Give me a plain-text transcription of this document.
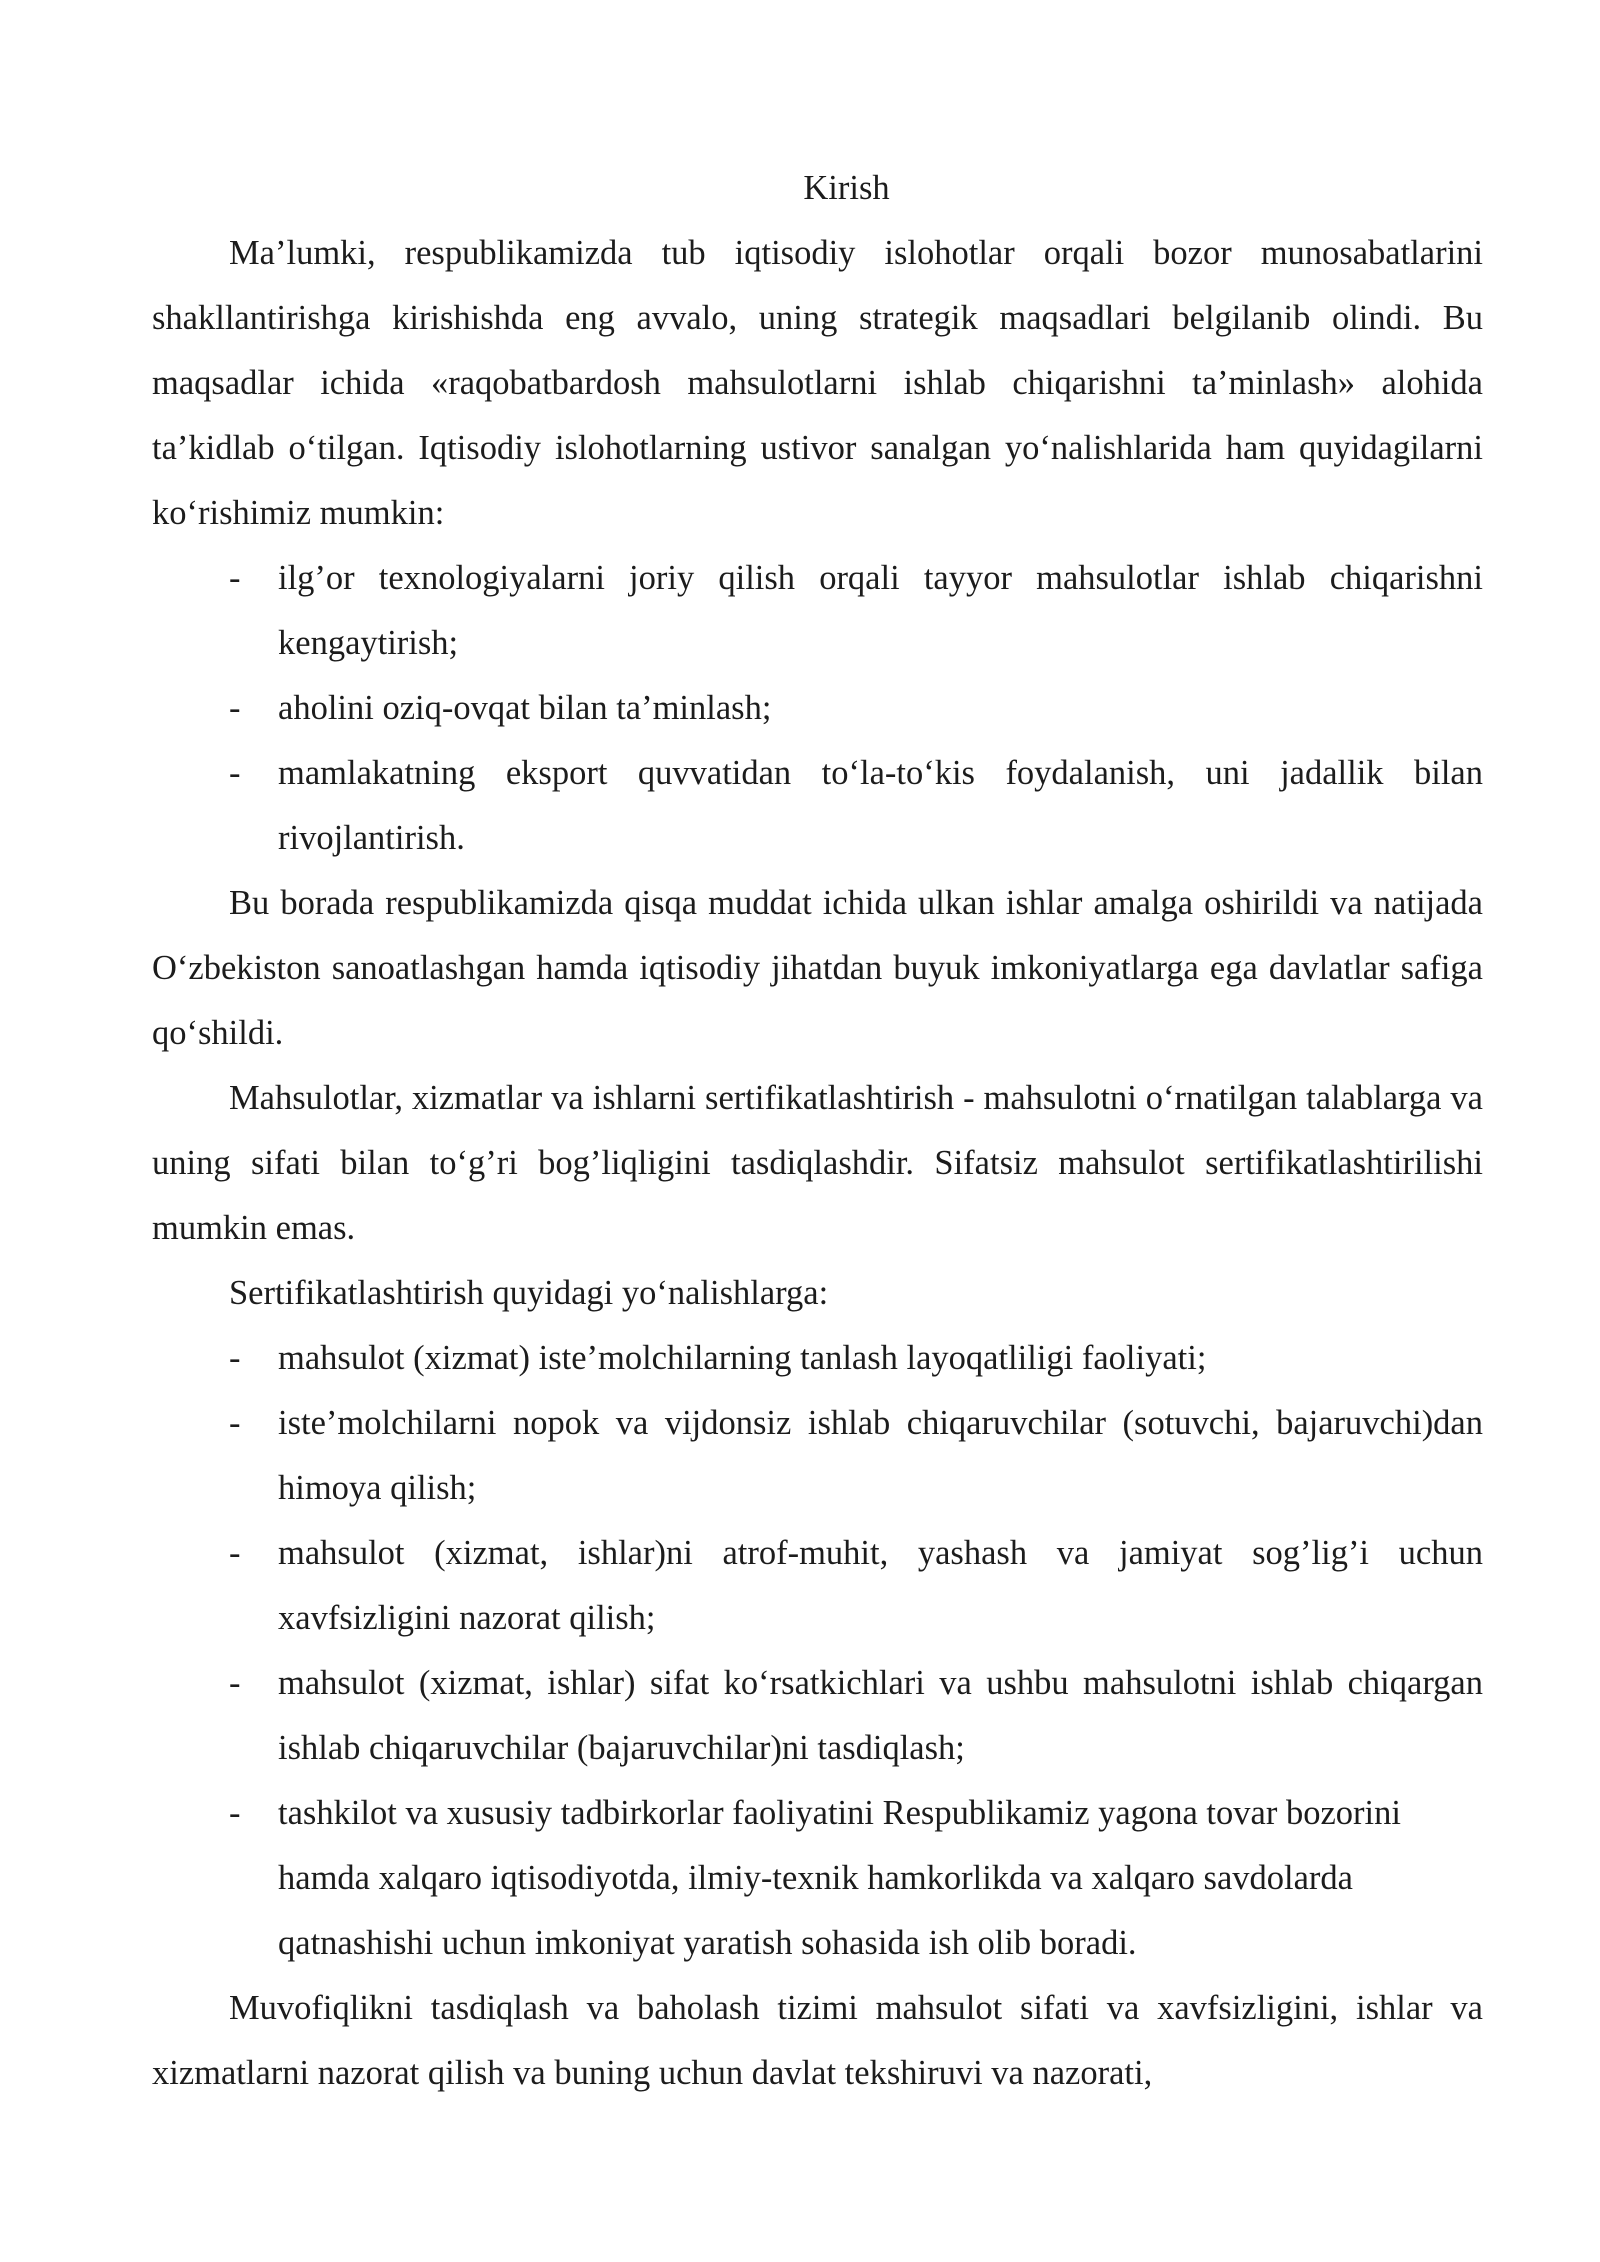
Kirish

Ma’lumki, respublikamizda tub iqtisodiy islohotlar orqali bozor munosabatlarini shakllantirishga kirishishda eng avvalo, uning strategik maqsadlari belgilanib olindi. Bu maqsadlar ichida «raqobatbardosh mahsulotlarni ishlab chiqarishni ta’minlash» alohida ta’kidlab o‘tilgan. Iqtisodiy islohotlarning ustivor sanalgan yo‘nalishlarida ham quyidagilarni ko‘rishimiz mumkin:

- ilg’or texnologiyalarni joriy qilish orqali tayyor mahsulotlar ishlab chiqarishni kengaytirish;
- aholini oziq-ovqat bilan ta’minlash;
- mamlakatning eksport quvvatidan to‘la-to‘kis foydalanish, uni jadallik bilan rivojlantirish.

Bu borada respublikamizda qisqa muddat ichida ulkan ishlar amalga oshirildi va natijada O‘zbekiston sanoatlashgan hamda iqtisodiy jihatdan buyuk imkoniyatlarga ega davlatlar safiga qo‘shildi.

Mahsulotlar, xizmatlar va ishlarni sertifikatlashtirish - mahsulotni o‘rnatilgan talablarga va uning sifati bilan to‘g’ri bog’liqligini tasdiqlashdir. Sifatsiz mahsulot sertifikatlashtirilishi mumkin emas.

Sertifikatlashtirish quyidagi yo‘nalishlarga:

- mahsulot (xizmat) iste’molchilarning tanlash layoqatliligi faoliyati;
- iste’molchilarni nopok va vijdonsiz ishlab chiqaruvchilar (sotuvchi, bajaruvchi)dan himoya qilish;
- mahsulot (xizmat, ishlar)ni atrof-muhit, yashash va jamiyat sog’lig’i uchun xavfsizligini nazorat qilish;
- mahsulot (xizmat, ishlar) sifat ko‘rsatkichlari va ushbu mahsulotni ishlab chiqargan ishlab chiqaruvchilar (bajaruvchilar)ni tasdiqlash;
- tashkilot va xususiy tadbirkorlar faoliyatini Respublikamiz yagona tovar bozorini hamda xalqaro iqtisodiyotda, ilmiy-texnik hamkorlikda va xalqaro savdolarda qatnashishi uchun imkoniyat yaratish sohasida ish olib boradi.

Muvofiqlikni tasdiqlash va baholash tizimi mahsulot sifati va xavfsizligini, ishlar va xizmatlarni nazorat qilish va buning uchun davlat tekshiruvi va nazorati,
